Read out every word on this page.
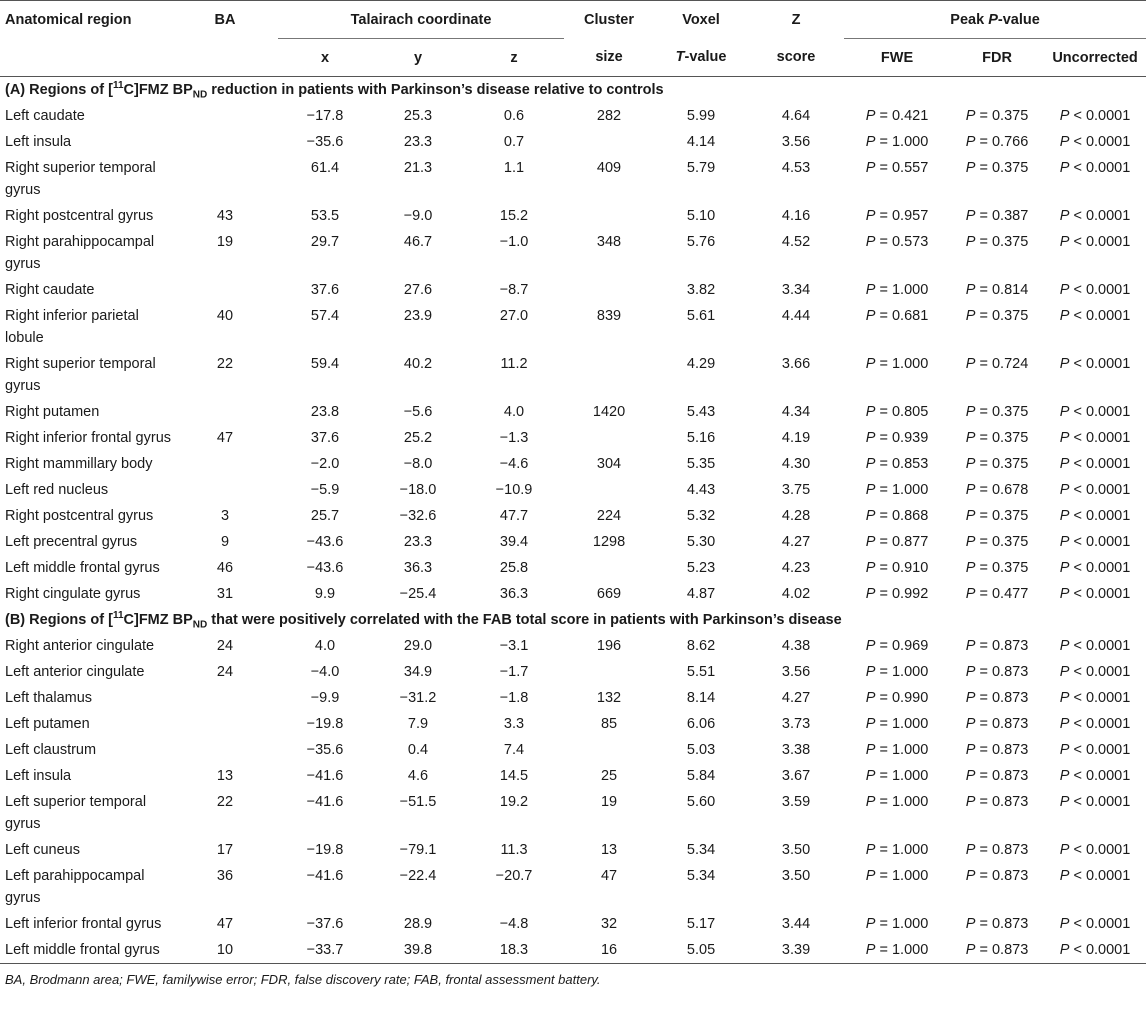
Anatomical region	BA	Talairach coordinate			Cluster	Voxel	Z	Peak P-value		
		x	y	z	size	T-value	score	FWE	FDR	Uncorrected
(A) Regions of [$^{11}$C]FMZ $BP_{ND}$ reduction in patients with Parkinson’s disease relative to controls										
Left caudate		−17.8	25.3	0.6	282	5.99	4.64	P = 0.421	P = 0.375	P < 0.0001
Left insula		−35.6	23.3	0.7		4.14	3.56	P = 1.000	P = 0.766	P < 0.0001
Right superior temporal gyrus		61.4	21.3	1.1	409	5.79	4.53	P = 0.557	P = 0.375	P < 0.0001
Right postcentral gyrus	43	53.5	−9.0	15.2		5.10	4.16	P = 0.957	P = 0.387	P < 0.0001
Right parahippocampal gyrus	19	29.7	46.7	−1.0	348	5.76	4.52	P = 0.573	P = 0.375	P < 0.0001
Right caudate		37.6	27.6	−8.7		3.82	3.34	P = 1.000	P = 0.814	P < 0.0001
Right inferior parietal lobule	40	57.4	23.9	27.0	839	5.61	4.44	P = 0.681	P = 0.375	P < 0.0001
Right superior temporal gyrus	22	59.4	40.2	11.2		4.29	3.66	P = 1.000	P = 0.724	P < 0.0001
Right putamen		23.8	−5.6	4.0	1420	5.43	4.34	P = 0.805	P = 0.375	P < 0.0001
Right inferior frontal gyrus	47	37.6	25.2	−1.3		5.16	4.19	P = 0.939	P = 0.375	P < 0.0001
Right mammillary body		−2.0	−8.0	−4.6	304	5.35	4.30	P = 0.853	P = 0.375	P < 0.0001
Left red nucleus		−5.9	−18.0	−10.9		4.43	3.75	P = 1.000	P = 0.678	P < 0.0001
Right postcentral gyrus	3	25.7	−32.6	47.7	224	5.32	4.28	P = 0.868	P = 0.375	P < 0.0001
Left precentral gyrus	9	−43.6	23.3	39.4	1298	5.30	4.27	P = 0.877	P = 0.375	P < 0.0001
Left middle frontal gyrus	46	−43.6	36.3	25.8		5.23	4.23	P = 0.910	P = 0.375	P < 0.0001
Right cingulate gyrus	31	9.9	−25.4	36.3	669	4.87	4.02	P = 0.992	P = 0.477	P < 0.0001
(B) Regions of [$^{11}$C]FMZ $BP_{ND}$ that were positively correlated with the FAB total score in patients with Parkinson’s disease										
Right anterior cingulate	24	4.0	29.0	−3.1	196	8.62	4.38	P = 0.969	P = 0.873	P < 0.0001
Left anterior cingulate	24	−4.0	34.9	−1.7		5.51	3.56	P = 1.000	P = 0.873	P < 0.0001
Left thalamus		−9.9	−31.2	−1.8	132	8.14	4.27	P = 0.990	P = 0.873	P < 0.0001
Left putamen		−19.8	7.9	3.3	85	6.06	3.73	P = 1.000	P = 0.873	P < 0.0001
Left claustrum		−35.6	0.4	7.4		5.03	3.38	P = 1.000	P = 0.873	P < 0.0001
Left insula	13	−41.6	4.6	14.5	25	5.84	3.67	P = 1.000	P = 0.873	P < 0.0001
Left superior temporal gyrus	22	−41.6	−51.5	19.2	19	5.60	3.59	P = 1.000	P = 0.873	P < 0.0001
Left cuneus	17	−19.8	−79.1	11.3	13	5.34	3.50	P = 1.000	P = 0.873	P < 0.0001
Left parahippocampal gyrus	36	−41.6	−22.4	−20.7	47	5.34	3.50	P = 1.000	P = 0.873	P < 0.0001
Left inferior frontal gyrus	47	−37.6	28.9	−4.8	32	5.17	3.44	P = 1.000	P = 0.873	P < 0.0001
Left middle frontal gyrus	10	−33.7	39.8	18.3	16	5.05	3.39	P = 1.000	P = 0.873	P < 0.0001
BA, Brodmann area; FWE, familywise error; FDR, false discovery rate; FAB, frontal assessment battery.
